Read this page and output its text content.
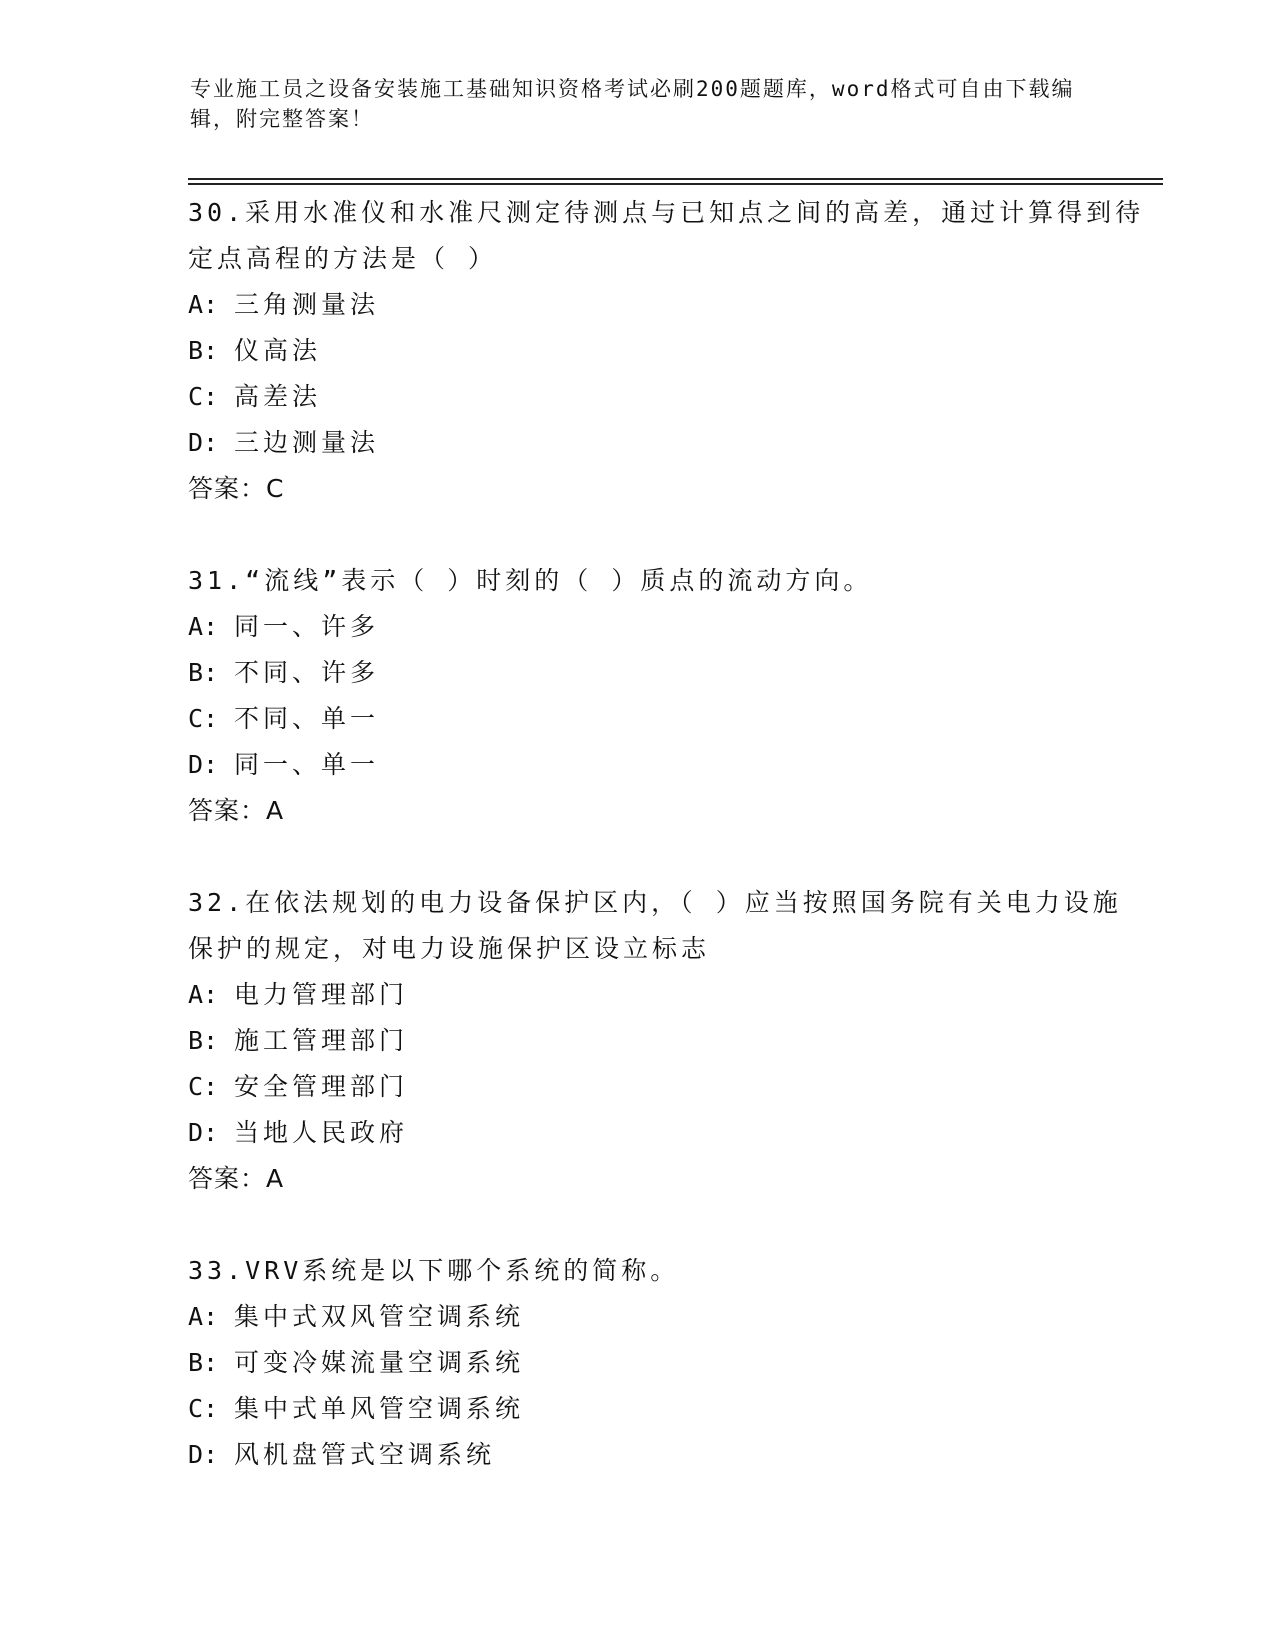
专业施工员之设备安装施工基础知识资格考试必刷200题题库，word格式可自由下载编辑，附完整答案！

30.采用水准仪和水准尺测定待测点与已知点之间的高差，通过计算得到待定点高程的方法是（ ）

A: 三角测量法

B: 仪高法

C: 高差法

D: 三边测量法

答案：C

31.“流线”表示（ ）时刻的（ ）质点的流动方向。

A: 同一、许多

B: 不同、许多

C: 不同、单一

D: 同一、单一

答案：A

32.在依法规划的电力设备保护区内，（ ）应当按照国务院有关电力设施保护的规定，对电力设施保护区设立标志

A: 电力管理部门

B: 施工管理部门

C: 安全管理部门

D: 当地人民政府

答案：A

33.VRV系统是以下哪个系统的简称。

A: 集中式双风管空调系统

B: 可变冷媒流量空调系统

C: 集中式单风管空调系统

D: 风机盘管式空调系统
